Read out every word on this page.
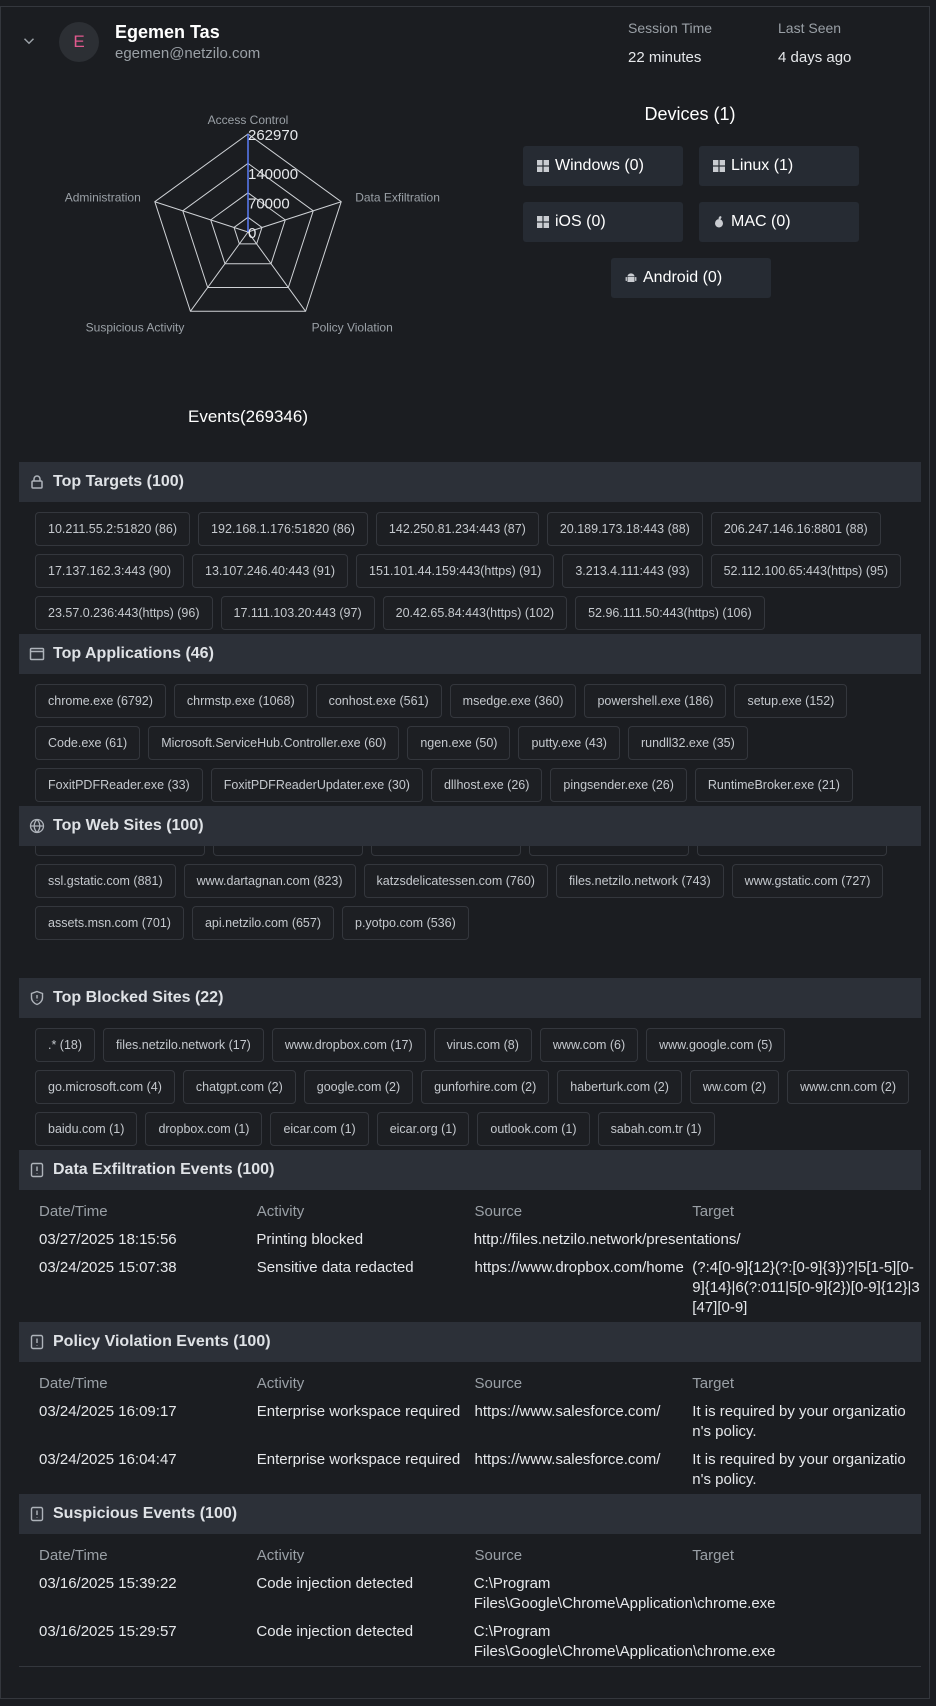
E	Egemen Tas
egemen@netzilo.com
Session Time
22 minutes
Last Seen
4 days ago
262970
140000
70000
0
Access Control
Data Exfiltration
Policy Violation
Suspicious Activity
Administration
Events(269346)
Devices (1)
Windows (0)	Linux (1)
iOS (0)	MAC (0)
Android (0)
Top Targets (100)
10.211.55.2:51820 (86)	192.168.1.176:51820 (86)	142.250.81.234:443 (87)	20.189.173.18:443 (88)	206.247.146.16:8801 (88)
17.137.162.3:443 (90)	13.107.246.40:443 (91)	151.101.44.159:443(https) (91)	3.213.4.111:443 (93)	52.112.100.65:443(https) (95)
23.57.0.236:443(https) (96)	17.111.103.20:443 (97)	20.42.65.84:443(https) (102)	52.96.111.50:443(https) (106)
Top Applications (46)
chrome.exe (6792)	chrmstp.exe (1068)	conhost.exe (561)	msedge.exe (360)	powershell.exe (186)	setup.exe (152)
Code.exe (61)	Microsoft.ServiceHub.Controller.exe (60)	ngen.exe (50)	putty.exe (43)	rundll32.exe (35)
FoxitPDFReader.exe (33)	FoxitPDFReaderUpdater.exe (30)	dllhost.exe (26)	pingsender.exe (26)	RuntimeBroker.exe (21)
Top Web Sites (100)
ssl.gstatic.com (881)	www.dartagnan.com (823)	katzsdelicatessen.com (760)	files.netzilo.network (743)	www.gstatic.com (727)
assets.msn.com (701)	api.netzilo.com (657)	p.yotpo.com (536)
Top Blocked Sites (22)
.* (18)	files.netzilo.network (17)	www.dropbox.com (17)	virus.com (8)	www.com (6)	www.google.com (5)
go.microsoft.com (4)	chatgpt.com (2)	google.com (2)	gunforhire.com (2)	haberturk.com (2)	ww.com (2)	www.cnn.com (2)
baidu.com (1)	dropbox.com (1)	eicar.com (1)	eicar.org (1)	outlook.com (1)	sabah.com.tr (1)
Data Exfiltration Events (100)
Date/Time	Activity	Source	Target
03/27/2025 18:15:56	Printing blocked	http://files.netzilo.network/presentations/
03/24/2025 15:07:38	Sensitive data redacted	https://www.dropbox.com/home (?:4[0-9]{12}(?:[0-9]{3})?|5[1-5][0-9]{14}|6(?:011|5[0-9]{2})[0-9]{12}|3[47][0-9]
Policy Violation Events (100)
Date/Time	Activity	Source	Target
03/24/2025 16:09:17	Enterprise workspace required https://www.salesforce.com/	It is required by your organization's policy.
03/24/2025 16:04:47	Enterprise workspace required https://www.salesforce.com/	It is required by your organization's policy.
Suspicious Events (100)
Date/Time	Activity	Source	Target
03/16/2025 15:39:22	Code injection detected	C:\Program Files\Google\Chrome\Application\chrome.exe
03/16/2025 15:29:57	Code injection detected	C:\Program Files\Google\Chrome\Application\chrome.exe
